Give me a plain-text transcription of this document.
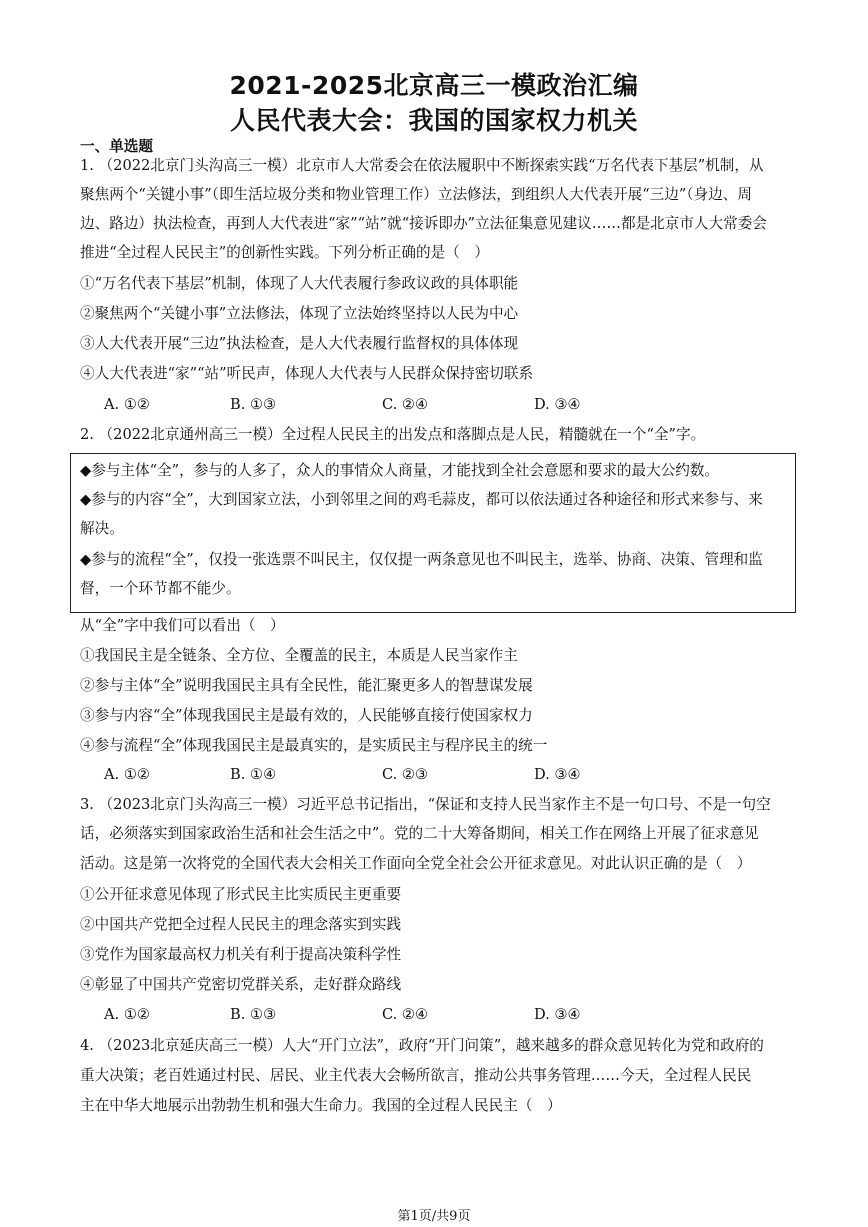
2021-2025北京高三一模政治汇编
人民代表大会：我国的国家权力机关
一、单选题
1. （2022北京门头沟高三一模）北京市人大常委会在依法履职中不断探索实践“万名代表下基层”机制，从
聚焦两个“关键小事”（即生活垃圾分类和物业管理工作）立法修法，到组织人大代表开展“三边”（身边、周
边、路边）执法检查，再到人大代表进“家”“站”就“接诉即办”立法征集意见建议……都是北京市人大常委会
推进“全过程人民民主”的创新性实践。下列分析正确的是（　）
①“万名代表下基层”机制，体现了人大代表履行参政议政的具体职能
②聚焦两个“关键小事”立法修法，体现了立法始终坚持以人民为中心
③人大代表开展“三边”执法检查，是人大代表履行监督权的具体体现
④人大代表进“家”“站”听民声，体现人大代表与人民群众保持密切联系
A. ①②	B. ①③	C. ②④	D. ③④
2. （2022北京通州高三一模）全过程人民民主的出发点和落脚点是人民，精髓就在一个“全”字。
◆参与主体“全”，参与的人多了，众人的事情众人商量，才能找到全社会意愿和要求的最大公约数。
◆参与的内容“全”，大到国家立法，小到邻里之间的鸡毛蒜皮，都可以依法通过各种途径和形式来参与、来
解决。
◆参与的流程“全”，仅投一张选票不叫民主，仅仅提一两条意见也不叫民主，选举、协商、决策、管理和监
督，一个环节都不能少。
从“全”字中我们可以看出（　）
①我国民主是全链条、全方位、全覆盖的民主，本质是人民当家作主
②参与主体“全”说明我国民主具有全民性，能汇聚更多人的智慧谋发展
③参与内容“全”体现我国民主是最有效的，人民能够直接行使国家权力
④参与流程“全”体现我国民主是最真实的，是实质民主与程序民主的统一
A. ①②	B. ①④	C. ②③	D. ③④
3. （2023北京门头沟高三一模）习近平总书记指出，“保证和支持人民当家作主不是一句口号、不是一句空
话，必须落实到国家政治生活和社会生活之中”。党的二十大筹备期间，相关工作在网络上开展了征求意见
活动。这是第一次将党的全国代表大会相关工作面向全党全社会公开征求意见。对此认识正确的是（　）
①公开征求意见体现了形式民主比实质民主更重要
②中国共产党把全过程人民民主的理念落实到实践
③党作为国家最高权力机关有利于提高决策科学性
④彰显了中国共产党密切党群关系，走好群众路线
A. ①②	B. ①③	C. ②④	D. ③④
4. （2023北京延庆高三一模）人大“开门立法”，政府“开门问策”，越来越多的群众意见转化为党和政府的
重大决策；老百姓通过村民、居民、业主代表大会畅所欲言，推动公共事务管理……今天，全过程人民民
主在中华大地展示出勃勃生机和强大生命力。我国的全过程人民民主（　）
第1页/共9页
